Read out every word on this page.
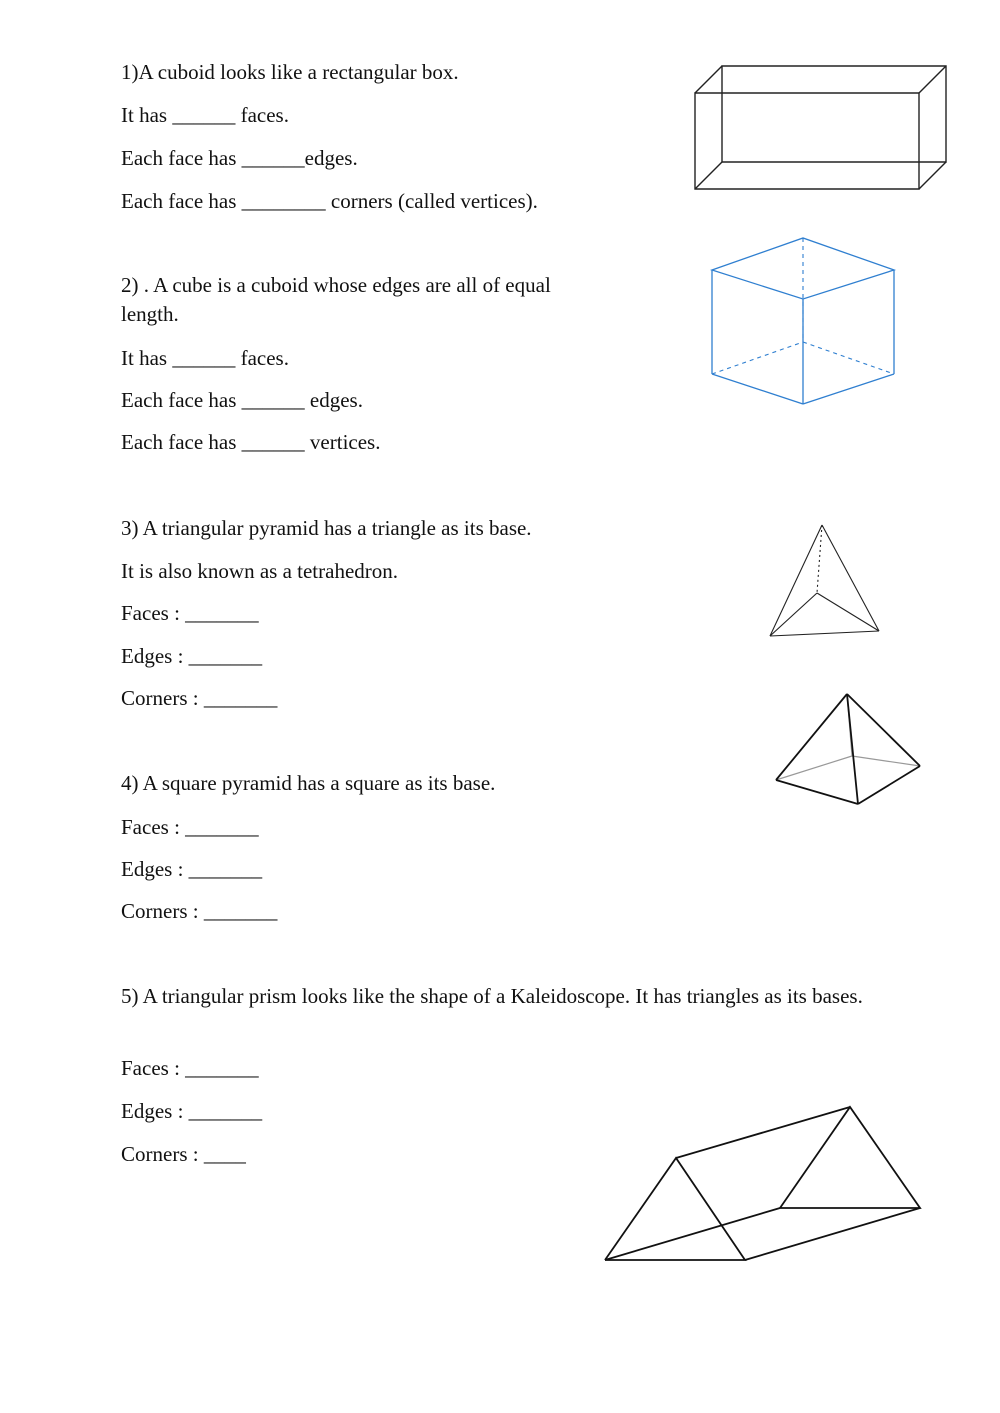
1)A cuboid looks like a rectangular box.
It has ______ faces.
Each face has ______edges.
Each face has ________ corners (called vertices).
2) . A cube is a cuboid whose edges are all of equal length.
It has ______ faces.
Each face has ______ edges.
Each face has ______ vertices.
3) A triangular pyramid has a triangle as its base.
It is also known as a tetrahedron.
Faces : _______
Edges : _______
Corners : _______
4) A square pyramid has a square as its base.
Faces : _______
Edges : _______
Corners : _______
5) A triangular prism looks like the shape of a Kaleidoscope. It has triangles as its bases.
Faces : _______
Edges : _______
Corners : ____
